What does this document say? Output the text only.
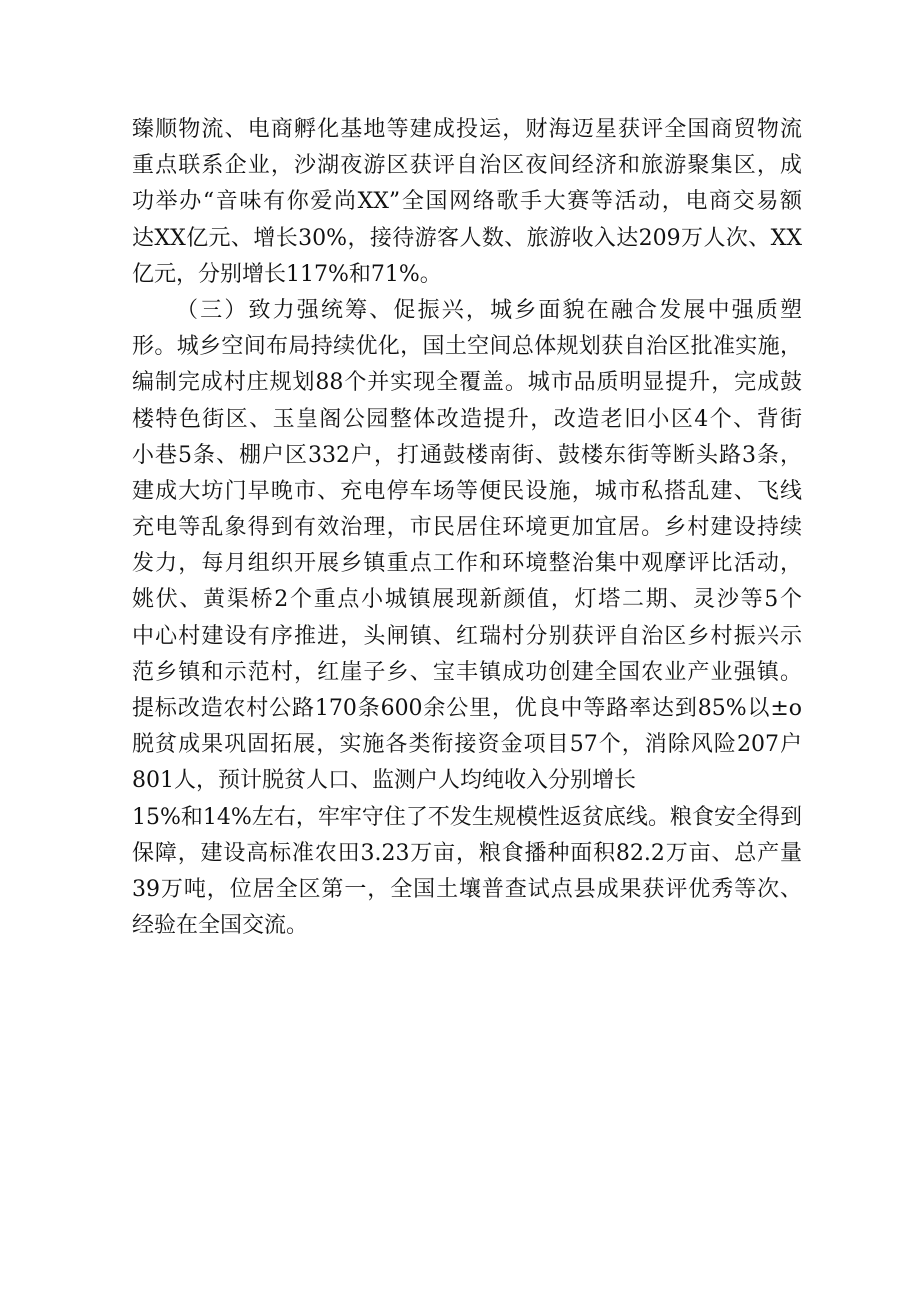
臻顺物流、电商孵化基地等建成投运，财海迈星获评全国商贸物流
重点联系企业，沙湖夜游区获评自治区夜间经济和旅游聚集区，成
功举办“音味有你爱尚XX”全国网络歌手大赛等活动，电商交易额
达XX亿元、增长30%，接待游客人数、旅游收入达209万人次、XX
亿元，分别增长117%和71%。
（三）致力强统筹、促振兴，城乡面貌在融合发展中强质塑
形。城乡空间布局持续优化，国土空间总体规划获自治区批准实施，
编制完成村庄规划88个并实现全覆盖。城市品质明显提升，完成鼓
楼特色街区、玉皇阁公园整体改造提升，改造老旧小区4个、背街
小巷5条、棚户区332户，打通鼓楼南街、鼓楼东街等断头路3条，
建成大坊门早晚市、充电停车场等便民设施，城市私搭乱建、飞线
充电等乱象得到有效治理，市民居住环境更加宜居。乡村建设持续
发力，每月组织开展乡镇重点工作和环境整治集中观摩评比活动，
姚伏、黄渠桥2个重点小城镇展现新颜值，灯塔二期、灵沙等5个
中心村建设有序推进，头闸镇、红瑞村分别获评自治区乡村振兴示
范乡镇和示范村，红崖子乡、宝丰镇成功创建全国农业产业强镇。
提标改造农村公路170条600余公里，优良中等路率达到85%以±o
脱贫成果巩固拓展，实施各类衔接资金项目57个，消除风险207户
801人，预计脱贫人口、监测户人均纯收入分别增长
15%和14%左右，牢牢守住了不发生规模性返贫底线。粮食安全得到
保障，建设高标准农田3.23万亩，粮食播种面积82.2万亩、总产量
39万吨，位居全区第一，全国土壤普查试点县成果获评优秀等次、
经验在全国交流。
